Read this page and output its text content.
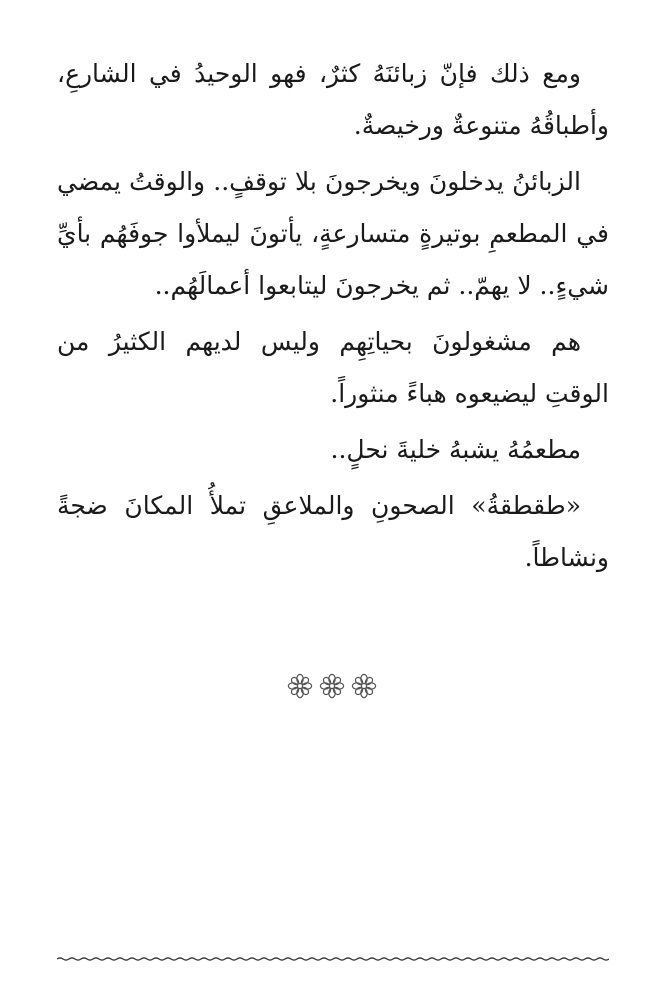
ومع ذلك فإنّ زبائنَهُ كثرٌ، فهو الوحيدُ في الشارعِ، وأطباقُهُ متنوعةٌ ورخيصةٌ.

الزبائنُ يدخلونَ ويخرجونَ بلا توقفٍ.. والوقتُ يمضي في المطعمِ بوتيرةٍ متسارعةٍ، يأتونَ ليملأوا جوفَهُم بأيِّ شيءٍ.. لا يهمّ.. ثم يخرجونَ ليتابعوا أعمالَهُم..

هم مشغولونَ بحياتِهِم وليس لديهم الكثيرُ من الوقتِ ليضيعوه هباءً منثوراً.

مطعمُهُ يشبهُ خليةَ نحلٍ..

«طقطقةُ» الصحونِ والملاعقِ تملأُ المكانَ ضجةً ونشاطاً.
